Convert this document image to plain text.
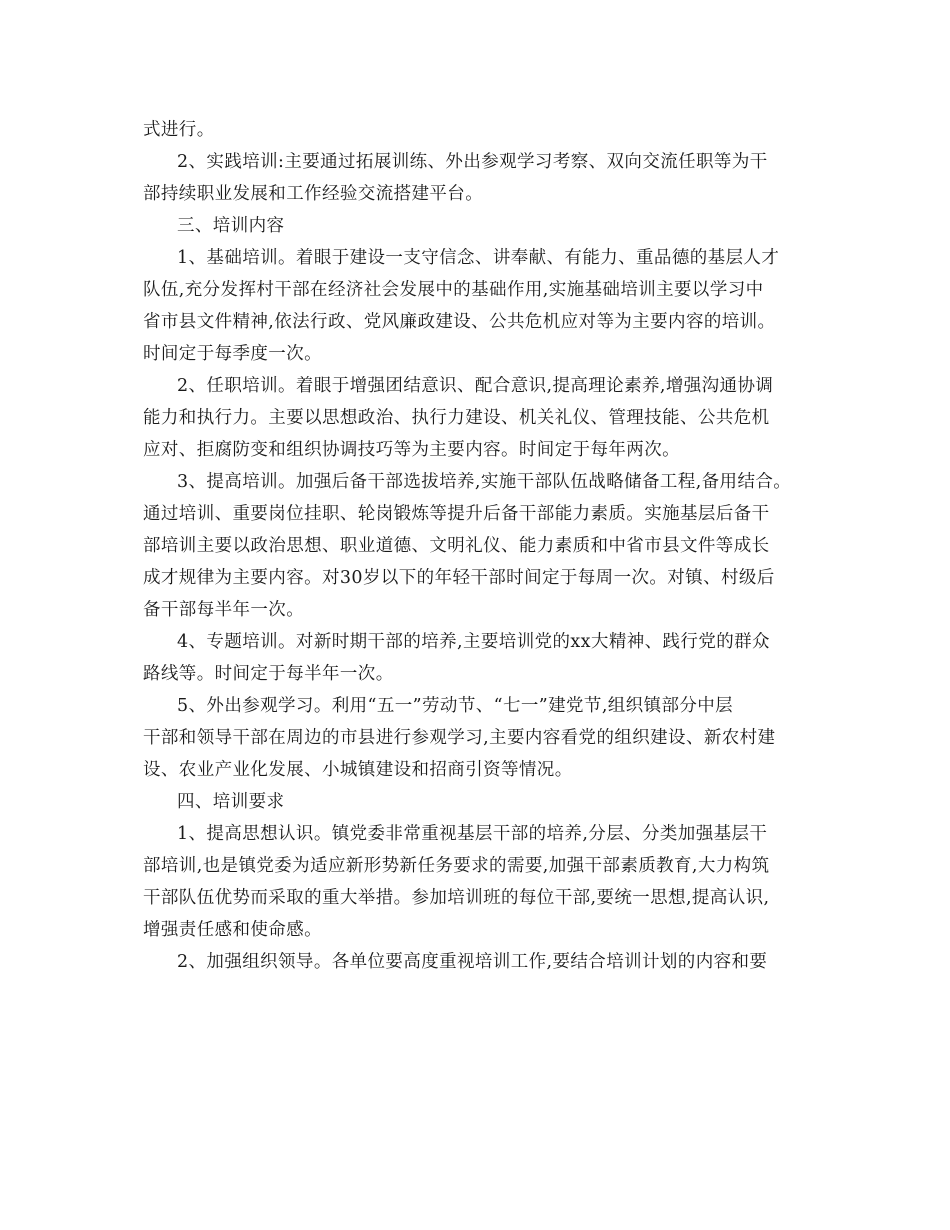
式进行。
2、实践培训:主要通过拓展训练、外出参观学习考察、双向交流任职等为干
部持续职业发展和工作经验交流搭建平台。
三、培训内容
1、基础培训。着眼于建设一支守信念、讲奉献、有能力、重品德的基层人才
队伍,充分发挥村干部在经济社会发展中的基础作用,实施基础培训主要以学习中
省市县文件精神,依法行政、党风廉政建设、公共危机应对等为主要内容的培训。
时间定于每季度一次。
2、任职培训。着眼于增强团结意识、配合意识,提高理论素养,增强沟通协调
能力和执行力。主要以思想政治、执行力建设、机关礼仪、管理技能、公共危机
应对、拒腐防变和组织协调技巧等为主要内容。时间定于每年两次。
3、提高培训。加强后备干部选拔培养,实施干部队伍战略储备工程,备用结合。
通过培训、重要岗位挂职、轮岗锻炼等提升后备干部能力素质。实施基层后备干
部培训主要以政治思想、职业道德、文明礼仪、能力素质和中省市县文件等成长
成才规律为主要内容。对30岁以下的年轻干部时间定于每周一次。对镇、村级后
备干部每半年一次。
4、专题培训。对新时期干部的培养,主要培训党的xx大精神、践行党的群众
路线等。时间定于每半年一次。
5、外出参观学习。利用“五一”劳动节、“七一”建党节,组织镇部分中层
干部和领导干部在周边的市县进行参观学习,主要内容看党的组织建设、新农村建
设、农业产业化发展、小城镇建设和招商引资等情况。
四、培训要求
1、提高思想认识。镇党委非常重视基层干部的培养,分层、分类加强基层干
部培训,也是镇党委为适应新形势新任务要求的需要,加强干部素质教育,大力构筑
干部队伍优势而采取的重大举措。参加培训班的每位干部,要统一思想,提高认识,
增强责任感和使命感。
2、加强组织领导。各单位要高度重视培训工作,要结合培训计划的内容和要
